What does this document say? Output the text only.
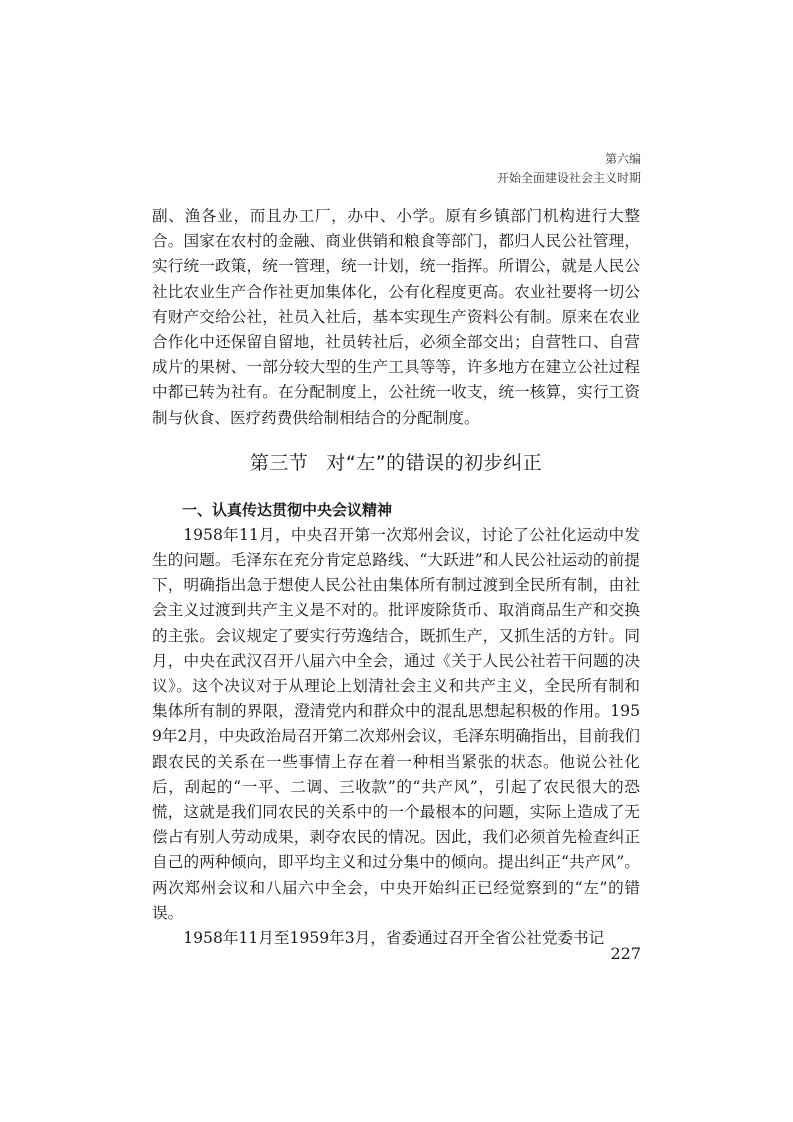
第六编
开始全面建设社会主义时期

副、渔各业，而且办工厂，办中、小学。原有乡镇部门机构进行大整合。国家在农村的金融、商业供销和粮食等部门，都归人民公社管理，实行统一政策，统一管理，统一计划，统一指挥。所谓公，就是人民公社比农业生产合作社更加集体化，公有化程度更高。农业社要将一切公有财产交给公社，社员入社后，基本实现生产资料公有制。原来在农业合作化中还保留自留地，社员转社后，必须全部交出；自营牲口、自营成片的果树、一部分较大型的生产工具等等，许多地方在建立公社过程中都已转为社有。在分配制度上，公社统一收支，统一核算，实行工资制与伙食、医疗药费供给制相结合的分配制度。

第三节 对“左”的错误的初步纠正
一、认真传达贯彻中央会议精神

1958年11月，中央召开第一次郑州会议，讨论了公社化运动中发生的问题。毛泽东在充分肯定总路线、“大跃进”和人民公社运动的前提下，明确指出急于想使人民公社由集体所有制过渡到全民所有制，由社会主义过渡到共产主义是不对的。批评废除货币、取消商品生产和交换的主张。会议规定了要实行劳逸结合，既抓生产，又抓生活的方针。同月，中央在武汉召开八届六中全会，通过《关于人民公社若干问题的决议》。这个决议对于从理论上划清社会主义和共产主义，全民所有制和集体所有制的界限，澄清党内和群众中的混乱思想起积极的作用。1959年2月，中央政治局召开第二次郑州会议，毛泽东明确指出，目前我们跟农民的关系在一些事情上存在着一种相当紧张的状态。他说公社化后，刮起的“一平、二调、三收款”的“共产风”，引起了农民很大的恐慌，这就是我们同农民的关系中的一个最根本的问题，实际上造成了无偿占有别人劳动成果，剥夺农民的情况。因此，我们必须首先检查纠正自己的两种倾向，即平均主义和过分集中的倾向。提出纠正“共产风”。两次郑州会议和八届六中全会，中央开始纠正已经觉察到的“左”的错误。

1958年11月至1959年3月，省委通过召开全省公社党委书记

227
